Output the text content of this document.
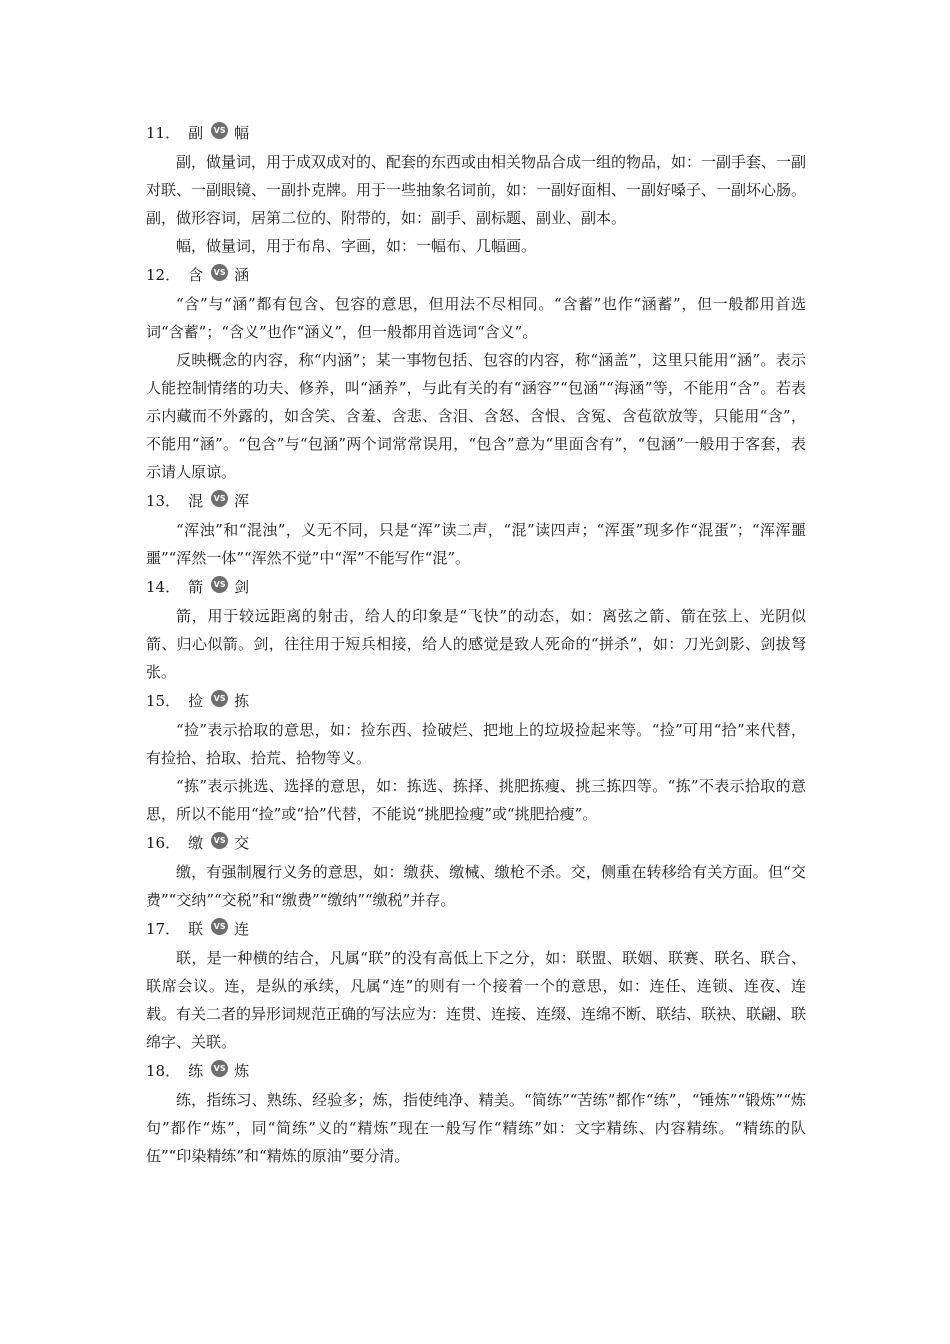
11． 副	VS 幅

副，做量词，用于成双成对的、配套的东西或由相关物品合成一组的物品，如：一副手套、一副对联、一副眼镜、一副扑克牌。用于一些抽象名词前，如：一副好面相、一副好嗓子、一副坏心肠。副，做形容词，居第二位的、附带的，如：副手、副标题、副业、副本。

幅，做量词，用于布帛、字画，如：一幅布、几幅画。

12． 含	VS 涵

“含”与“涵”都有包含、包容的意思，但用法不尽相同。“含蓄”也作“涵蓄”，但一般都用首选词“含蓄”；“含义”也作“涵义”，但一般都用首选词“含义”。

反映概念的内容，称“内涵”；某一事物包括、包容的内容，称“涵盖”，这里只能用“涵”。表示人能控制情绪的功夫、修养，叫“涵养”，与此有关的有“涵容”“包涵”“海涵”等，不能用“含”。若表示内藏而不外露的，如含笑、含羞、含悲、含泪、含怒、含恨、含冤、含苞欲放等，只能用“含”，不能用“涵”。“包含”与“包涵”两个词常常误用，“包含”意为“里面含有”，“包涵”一般用于客套，表示请人原谅。

13． 混	VS 浑

“浑浊”和“混浊”，义无不同，只是“浑”读二声，“混”读四声；“浑蛋”现多作“混蛋”；“浑浑噩噩”“浑然一体”“浑然不觉”中“浑”不能写作“混”。

14． 箭	VS 剑

箭，用于较远距离的射击，给人的印象是“飞快”的动态，如：离弦之箭、箭在弦上、光阴似箭、归心似箭。剑，往往用于短兵相接，给人的感觉是致人死命的“拼杀”，如：刀光剑影、剑拔弩张。

15． 捡	VS 拣

“捡”表示拾取的意思，如：捡东西、捡破烂、把地上的垃圾捡起来等。“捡”可用“拾”来代替，有捡拾、拾取、拾荒、拾物等义。

“拣”表示挑选、选择的意思，如：拣选、拣择、挑肥拣瘦、挑三拣四等。“拣”不表示拾取的意思，所以不能用“捡”或“拾”代替，不能说“挑肥捡瘦”或“挑肥拾瘦”。

16． 缴	VS 交

缴，有强制履行义务的意思，如：缴获、缴械、缴枪不杀。交，侧重在转移给有关方面。但“交费”“交纳”“交税”和“缴费”“缴纳”“缴税”并存。

17． 联	VS 连

联，是一种横的结合，凡属“联”的没有高低上下之分，如：联盟、联姻、联赛、联名、联合、联席会议。连，是纵的承续，凡属“连”的则有一个接着一个的意思，如：连任、连锁、连夜、连载。有关二者的异形词规范正确的写法应为：连贯、连接、连缀、连绵不断、联结、联袂、联翩、联绵字、关联。

18． 练	VS 炼

练，指练习、熟练、经验多；炼，指使纯净、精美。“简练”“苦练”都作“练”，“锤炼”“锻炼”“炼句”都作“炼”，同“简练”义的“精炼”现在一般写作“精练”如：文字精练、内容精练。“精练的队伍”“印染精练”和“精炼的原油”要分清。
